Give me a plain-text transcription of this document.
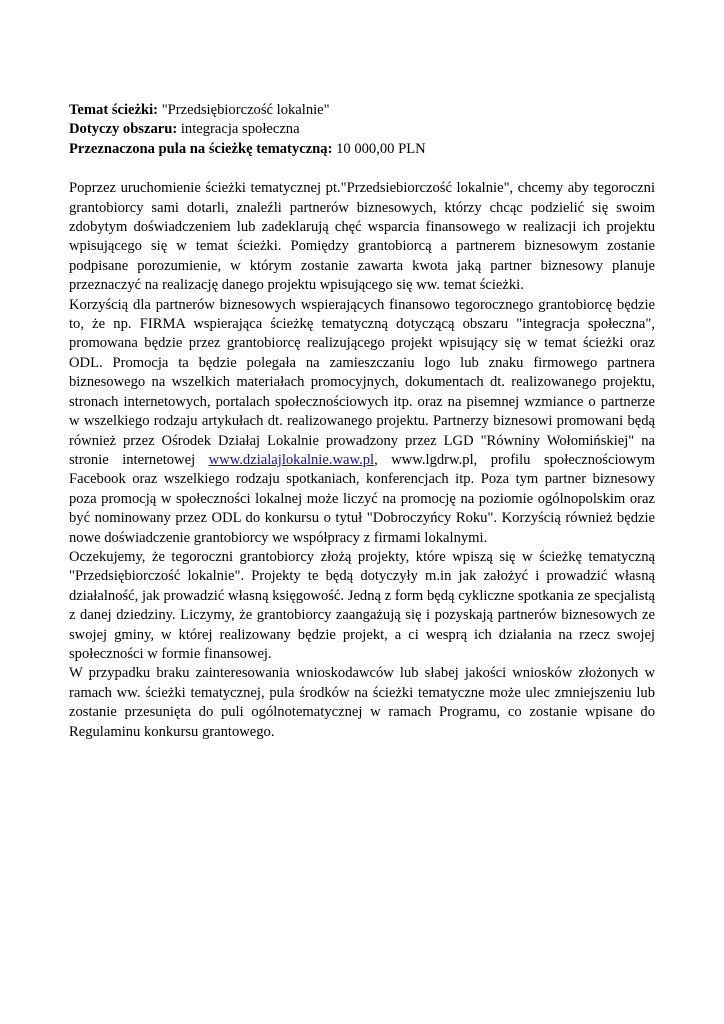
Temat ścieżki: "Przedsiębiorczość lokalnie"

Dotyczy obszaru: integracja społeczna

Przeznaczona pula na ścieżkę tematyczną: 10 000,00 PLN

Poprzez uruchomienie ścieżki tematycznej pt."Przedsiebiorczość lokalnie", chcemy aby tegoroczni grantobiorcy sami dotarli, znaleźli partnerów biznesowych, którzy chcąc podzielić się swoim zdobytym doświadczeniem lub zadeklarują chęć wsparcia finansowego w realizacji ich projektu wpisującego się w temat ścieżki. Pomiędzy grantobiorcą a partnerem biznesowym zostanie podpisane porozumienie, w którym zostanie zawarta kwota jaką partner biznesowy planuje przeznaczyć na realizację danego projektu wpisującego się ww. temat ścieżki.

Korzyścią dla partnerów biznesowych wspierających finansowo tegorocznego grantobiorcę będzie to, że np. FIRMA wspierająca ścieżkę tematyczną dotyczącą obszaru "integracja społeczna", promowana będzie przez grantobiorcę realizującego projekt wpisujący się w temat ścieżki oraz ODL. Promocja ta będzie polegała na zamieszczaniu logo lub znaku firmowego partnera biznesowego na wszelkich materiałach promocyjnych, dokumentach dt. realizowanego projektu, stronach internetowych, portalach społecznościowych itp. oraz na pisemnej wzmiance o partnerze w wszelkiego rodzaju artykułach dt. realizowanego projektu. Partnerzy biznesowi promowani będą również przez Ośrodek Działaj Lokalnie prowadzony przez LGD "Równiny Wołomińskiej" na stronie internetowej www.dzialajlokalnie.waw.pl, www.lgdrw.pl, profilu społecznościowym Facebook oraz wszelkiego rodzaju spotkaniach, konferencjach itp. Poza tym partner biznesowy poza promocją w społeczności lokalnej może liczyć na promocję na poziomie ogólnopolskim oraz być nominowany przez ODL do konkursu o tytuł "Dobroczyńcy Roku". Korzyścią również będzie nowe doświadczenie grantobiorcy we współpracy z firmami lokalnymi.

Oczekujemy, że tegoroczni grantobiorcy złożą projekty, które wpiszą się w ścieżkę tematyczną "Przedsiębiorczość lokalnie". Projekty te będą dotyczyły m.in jak założyć i prowadzić własną działalność, jak prowadzić własną księgowość. Jedną z form będą cykliczne spotkania ze specjalistą z danej dziedziny. Liczymy, że grantobiorcy zaangażują się i pozyskają partnerów biznesowych ze swojej gminy, w której realizowany będzie projekt, a ci wesprą ich działania na rzecz swojej społeczności w formie finansowej.

W przypadku braku zainteresowania wnioskodawców lub słabej jakości wniosków złożonych w ramach ww. ścieżki tematycznej, pula środków na ścieżki tematyczne może ulec zmniejszeniu lub zostanie przesunięta do puli ogólnotematycznej w ramach Programu, co zostanie wpisane do Regulaminu konkursu grantowego.
